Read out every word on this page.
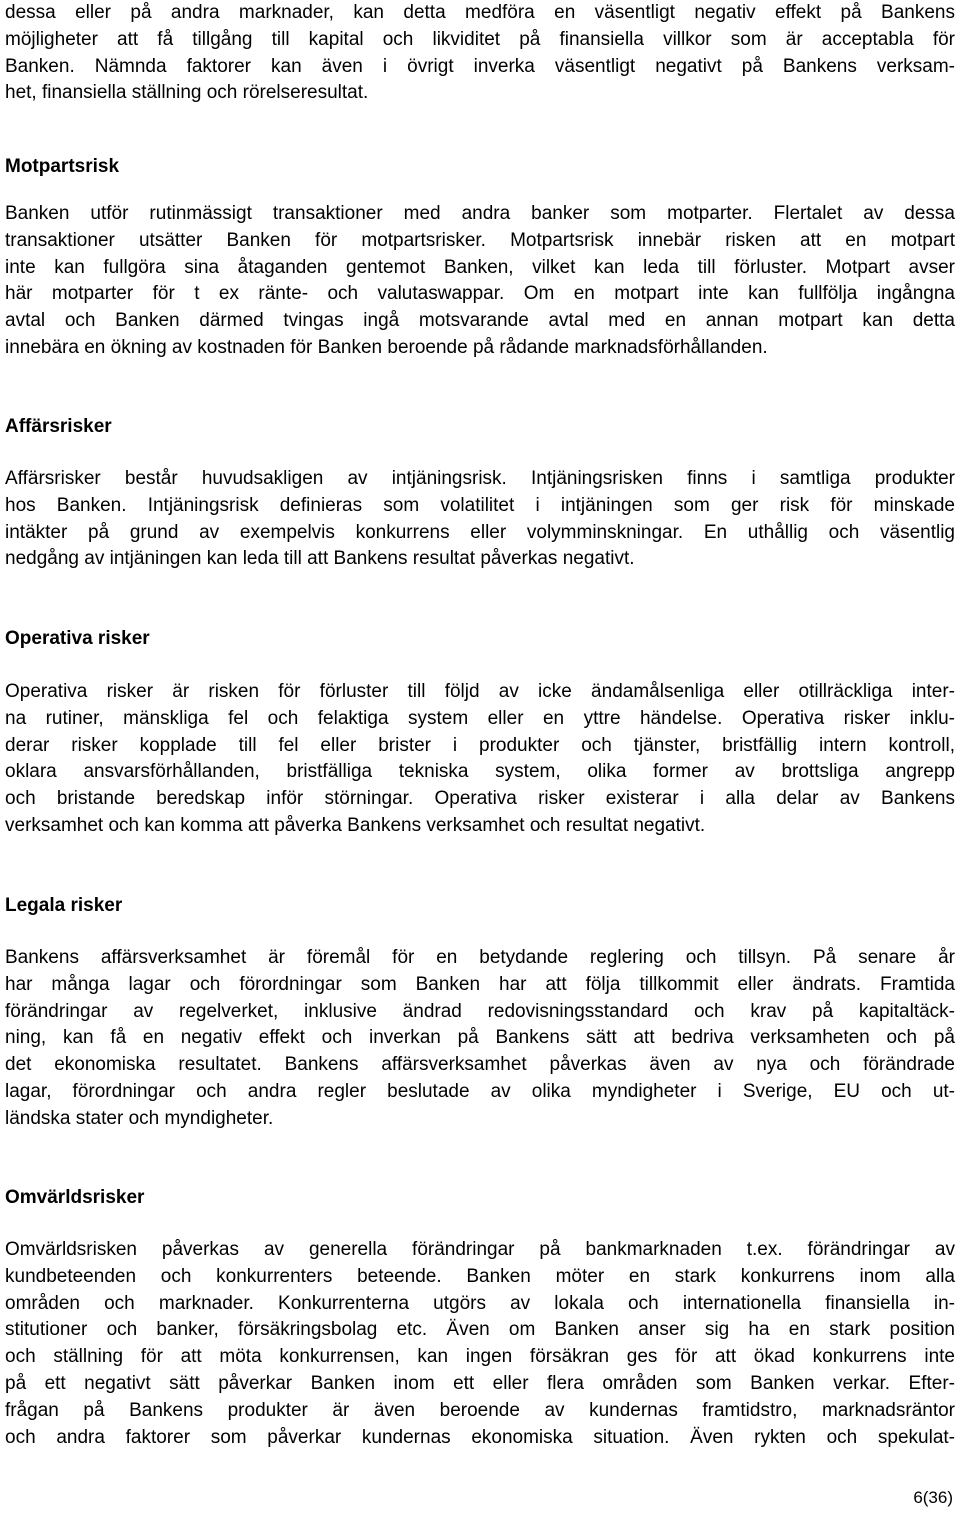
dessa eller på andra marknader, kan detta medföra en väsentligt negativ effekt på Bankens
möjligheter att få tillgång till kapital och likviditet på finansiella villkor som är acceptabla för
Banken. Nämnda faktorer kan även i övrigt inverka väsentligt negativt på Bankens verksam-
het, finansiella ställning och rörelseresultat.

Motpartsrisk

Banken utför rutinmässigt transaktioner med andra banker som motparter. Flertalet av dessa
transaktioner utsätter Banken för motpartsrisker. Motpartsrisk innebär risken att en motpart
inte kan fullgöra sina åtaganden gentemot Banken, vilket kan leda till förluster. Motpart avser
här motparter för t ex ränte- och valutaswappar. Om en motpart inte kan fullfölja ingångna
avtal och Banken därmed tvingas ingå motsvarande avtal med en annan motpart kan detta
innebära en ökning av kostnaden för Banken beroende på rådande marknadsförhållanden.

Affärsrisker

Affärsrisker består huvudsakligen av intjäningsrisk. Intjäningsrisken finns i samtliga produkter
hos Banken. Intjäningsrisk definieras som volatilitet i intjäningen som ger risk för minskade
intäkter på grund av exempelvis konkurrens eller volymminskningar. En uthållig och väsentlig
nedgång av intjäningen kan leda till att Bankens resultat påverkas negativt.

Operativa risker

Operativa risker är risken för förluster till följd av icke ändamålsenliga eller otillräckliga inter-
na rutiner, mänskliga fel och felaktiga system eller en yttre händelse. Operativa risker inklu-
derar risker kopplade till fel eller brister i produkter och tjänster, bristfällig intern kontroll,
oklara ansvarsförhållanden, bristfälliga tekniska system, olika former av brottsliga angrepp
och bristande beredskap inför störningar. Operativa risker existerar i alla delar av Bankens
verksamhet och kan komma att påverka Bankens verksamhet och resultat negativt.

Legala risker

Bankens affärsverksamhet är föremål för en betydande reglering och tillsyn. På senare år
har många lagar och förordningar som Banken har att följa tillkommit eller ändrats. Framtida
förändringar av regelverket, inklusive ändrad redovisningsstandard och krav på kapitaltäck-
ning, kan få en negativ effekt och inverkan på Bankens sätt att bedriva verksamheten och på
det ekonomiska resultatet. Bankens affärsverksamhet påverkas även av nya och förändrade
lagar, förordningar och andra regler beslutade av olika myndigheter i Sverige, EU och ut-
ländska stater och myndigheter.

Omvärldsrisker

Omvärldsrisken påverkas av generella förändringar på bankmarknaden t.ex. förändringar av
kundbeteenden och konkurrenters beteende. Banken möter en stark konkurrens inom alla
områden och marknader. Konkurrenterna utgörs av lokala och internationella finansiella in-
stitutioner och banker, försäkringsbolag etc. Även om Banken anser sig ha en stark position
och ställning för att möta konkurrensen, kan ingen försäkran ges för att ökad konkurrens inte
på ett negativt sätt påverkar Banken inom ett eller flera områden som Banken verkar. Efter-
frågan på Bankens produkter är även beroende av kundernas framtidstro, marknadsräntor
och andra faktorer som påverkar kundernas ekonomiska situation. Även rykten och spekulat-

6(36)
